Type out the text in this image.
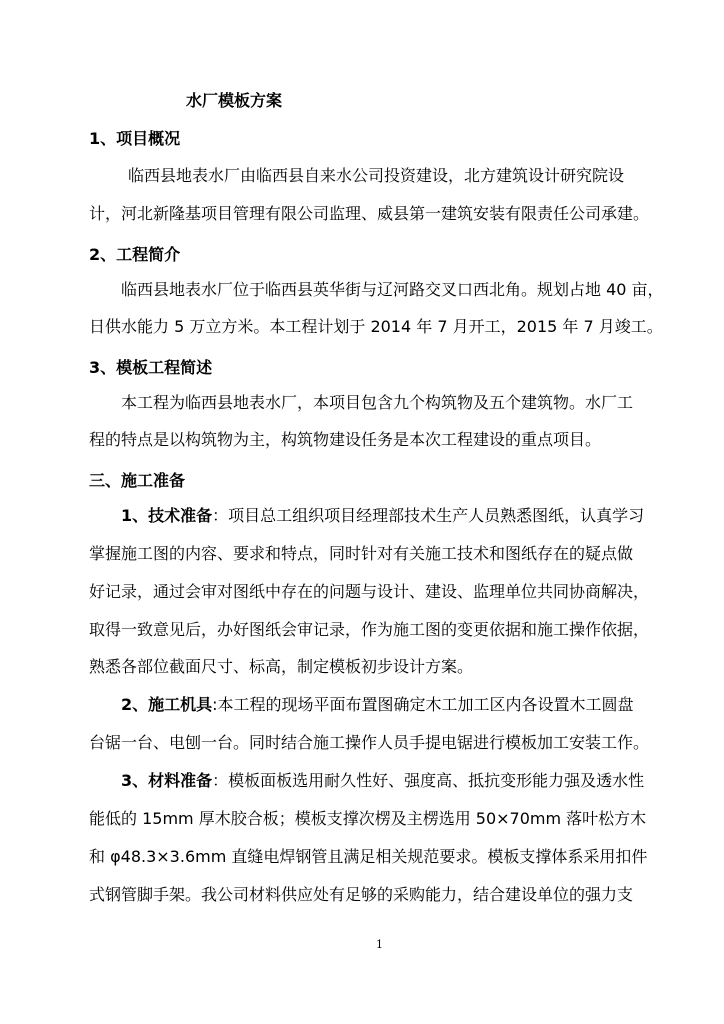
水厂模板方案
1、项目概况
临西县地表水厂由临西县自来水公司投资建设，北方建筑设计研究院设
计，河北新隆基项目管理有限公司监理、威县第一建筑安装有限责任公司承建。
2、工程简介
临西县地表水厂位于临西县英华街与辽河路交叉口西北角。规划占地 40 亩，
日供水能力 5 万立方米。本工程计划于 2014 年 7 月开工，2015 年 7 月竣工。
3、模板工程简述
本工程为临西县地表水厂，本项目包含九个构筑物及五个建筑物。水厂工
程的特点是以构筑物为主，构筑物建设任务是本次工程建设的重点项目。
三、施工准备
1、技术准备：项目总工组织项目经理部技术生产人员熟悉图纸，认真学习
掌握施工图的内容、要求和特点，同时针对有关施工技术和图纸存在的疑点做
好记录，通过会审对图纸中存在的问题与设计、建设、监理单位共同协商解决，
取得一致意见后，办好图纸会审记录，作为施工图的变更依据和施工操作依据，
熟悉各部位截面尺寸、标高，制定模板初步设计方案。
2、施工机具:本工程的现场平面布置图确定木工加工区内各设置木工圆盘
台锯一台、电刨一台。同时结合施工操作人员手提电锯进行模板加工安装工作。
3、材料准备：模板面板选用耐久性好、强度高、抵抗变形能力强及透水性
能低的 15mm 厚木胶合板；模板支撑次楞及主楞选用 50×70mm 落叶松方木
和 φ48.3×3.6mm 直缝电焊钢管且满足相关规范要求。模板支撑体系采用扣件
式钢管脚手架。我公司材料供应处有足够的采购能力，结合建设单位的强力支
1
